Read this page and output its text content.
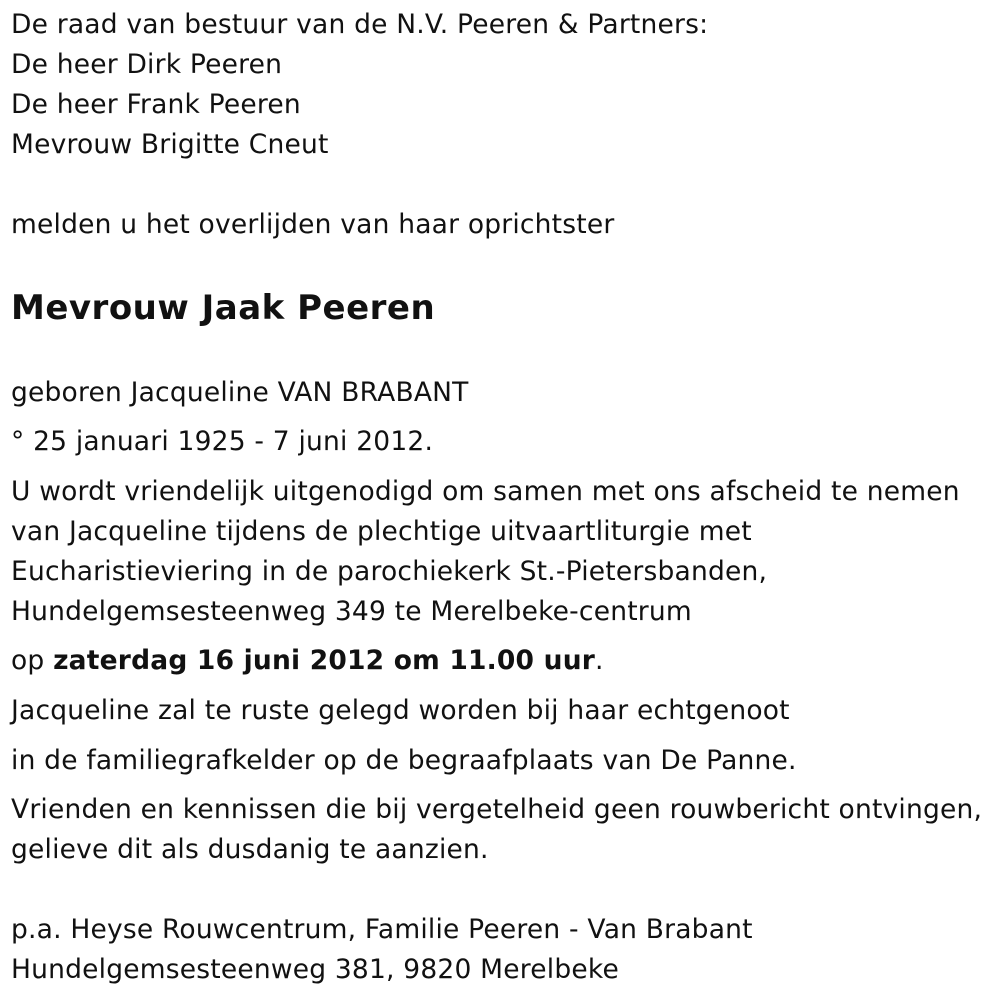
De raad van bestuur van de N.V. Peeren & Partners:
De heer Dirk Peeren
De heer Frank Peeren
Mevrouw Brigitte Cneut
melden u het overlijden van haar oprichtster
Mevrouw Jaak Peeren
geboren Jacqueline VAN BRABANT
° 25 januari 1925 - 7 juni 2012.
U wordt vriendelijk uitgenodigd om samen met ons afscheid te nemen
van Jacqueline tijdens de plechtige uitvaartliturgie met
Eucharistieviering in de parochiekerk St.-Pietersbanden,
Hundelgemsesteenweg 349 te Merelbeke-centrum
op zaterdag 16 juni 2012 om 11.00 uur.
Jacqueline zal te ruste gelegd worden bij haar echtgenoot
in de familiegrafkelder op de begraafplaats van De Panne.
Vrienden en kennissen die bij vergetelheid geen rouwbericht ontvingen,
gelieve dit als dusdanig te aanzien.
p.a. Heyse Rouwcentrum, Familie Peeren - Van Brabant
Hundelgemsesteenweg 381, 9820 Merelbeke
